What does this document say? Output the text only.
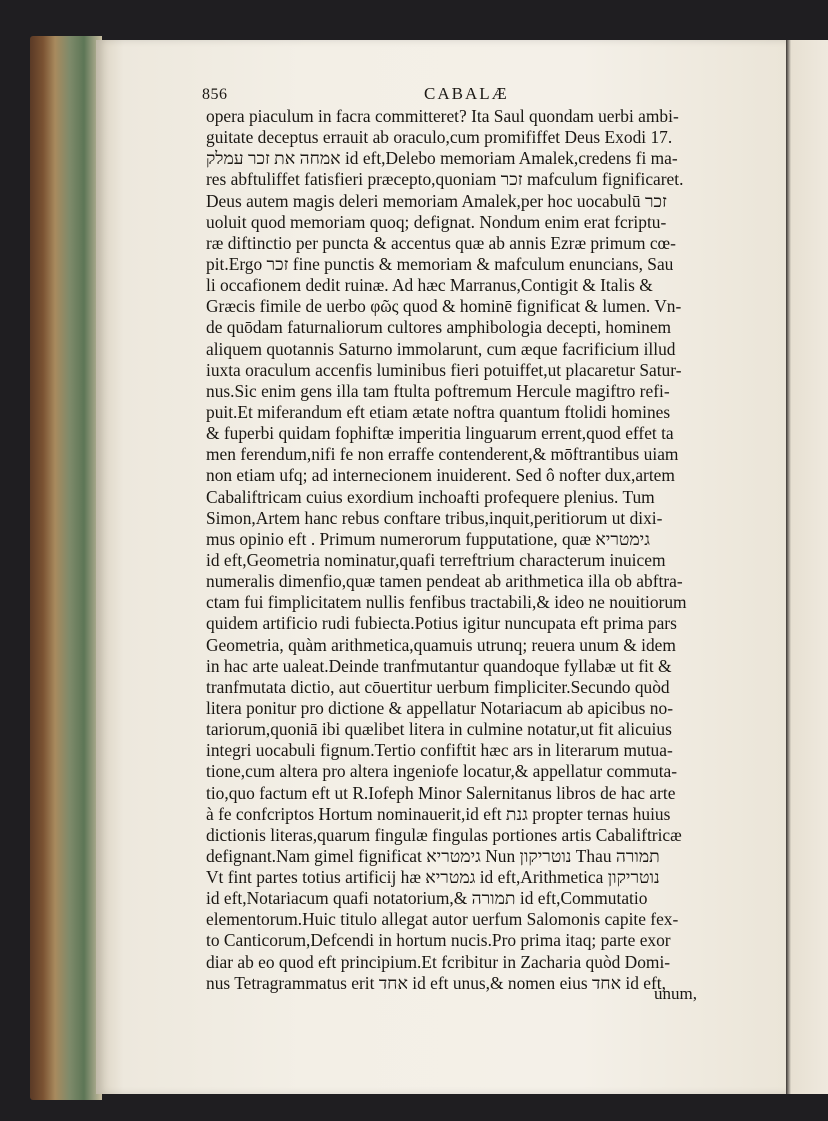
856	CABALÆ
opera piaculum in facra committeret? Ita Saul quondam uerbi ambi-
guitate deceptus errauit ab oraculo,cum promififfet Deus Exodi 17.
אמחה את זכר עמלק id eft,Delebo memoriam Amalek,credens fi ma-
res abftuliffet fatisfieri præcepto,quoniam זכר mafculum fignificaret.
Deus autem magis deleri memoriam Amalek,per hoc uocabulū זכר
uoluit quod memoriam quoq; defignat. Nondum enim erat fcriptu-
ræ diftinctio per puncta & accentus quæ ab annis Ezræ primum cœ-
pit.Ergo זכר fine punctis & memoriam & mafculum enuncians, Sau
li occafionem dedit ruinæ. Ad hæc Marranus,Contigit & Italis &
Græcis fimile de uerbo φῶς quod & hominē fignificat & lumen. Vn-
de quōdam faturnaliorum cultores amphibologia decepti, hominem
aliquem quotannis Saturno immolarunt, cum æque facrificium illud
iuxta oraculum accenfis luminibus fieri potuiffet,ut placaretur Satur-
nus.Sic enim gens illa tam ftulta poftremum Hercule magiftro refi-
puit.Et miferandum eft etiam ætate noftra quantum ftolidi homines
& fuperbi quidam fophiftæ imperitia linguarum errent,quod effet ta
men ferendum,nifi fe non erraffe contenderent,& mōftrantibus uiam
non etiam ufq; ad internecionem inuiderent. Sed ô nofter dux,artem
Cabaliftricam cuius exordium inchoafti profequere plenius. Tum
Simon,Artem hanc rebus conftare tribus,inquit,peritiorum ut dixi-
mus opinio eft . Primum numerorum fupputatione, quæ גימטריא
id eft,Geometria nominatur,quafi terreftrium characterum inuicem
numeralis dimenfio,quæ tamen pendeat ab arithmetica illa ob abftra-
ctam fui fimplicitatem nullis fenfibus tractabili,& ideo ne nouitiorum
quidem artificio rudi fubiecta.Potius igitur nuncupata eft prima pars
Geometria, quàm arithmetica,quamuis utrunq; reuera unum & idem
in hac arte ualeat.Deinde tranfmutantur quandoque fyllabæ ut fit &
tranfmutata dictio, aut cōuertitur uerbum fimpliciter.Secundo quòd
litera ponitur pro dictione & appellatur Notariacum ab apicibus no-
tariorum,quoniā ibi quælibet litera in culmine notatur,ut fit alicuius
integri uocabuli fignum.Tertio confiftit hæc ars in literarum mutua-
tione,cum altera pro altera ingeniofe locatur,& appellatur commuta-
tio,quo factum eft ut R.Iofeph Minor Salernitanus libros de hac arte
à fe confcriptos Hortum nominauerit,id eft גנת propter ternas huius
dictionis literas,quarum fingulæ fingulas portiones artis Cabaliftricæ
defignant.Nam gimel fignificat גימטריא Nun נוטריקון Thau תמורה
Vt fint partes totius artificij hæ גמטריא id eft,Arithmetica נוטריקון
id eft,Notariacum quafi notatorium,& תמורה id eft,Commutatio
elementorum.Huic titulo allegat autor uerfum Salomonis capite fex-
to Canticorum,Defcendi in hortum nucis.Pro prima itaq; parte exor
diar ab eo quod eft principium.Et fcribitur in Zacharia quòd Domi-
nus Tetragrammatus erit אחד id eft unus,& nomen eius אחד id eft,
unum,
